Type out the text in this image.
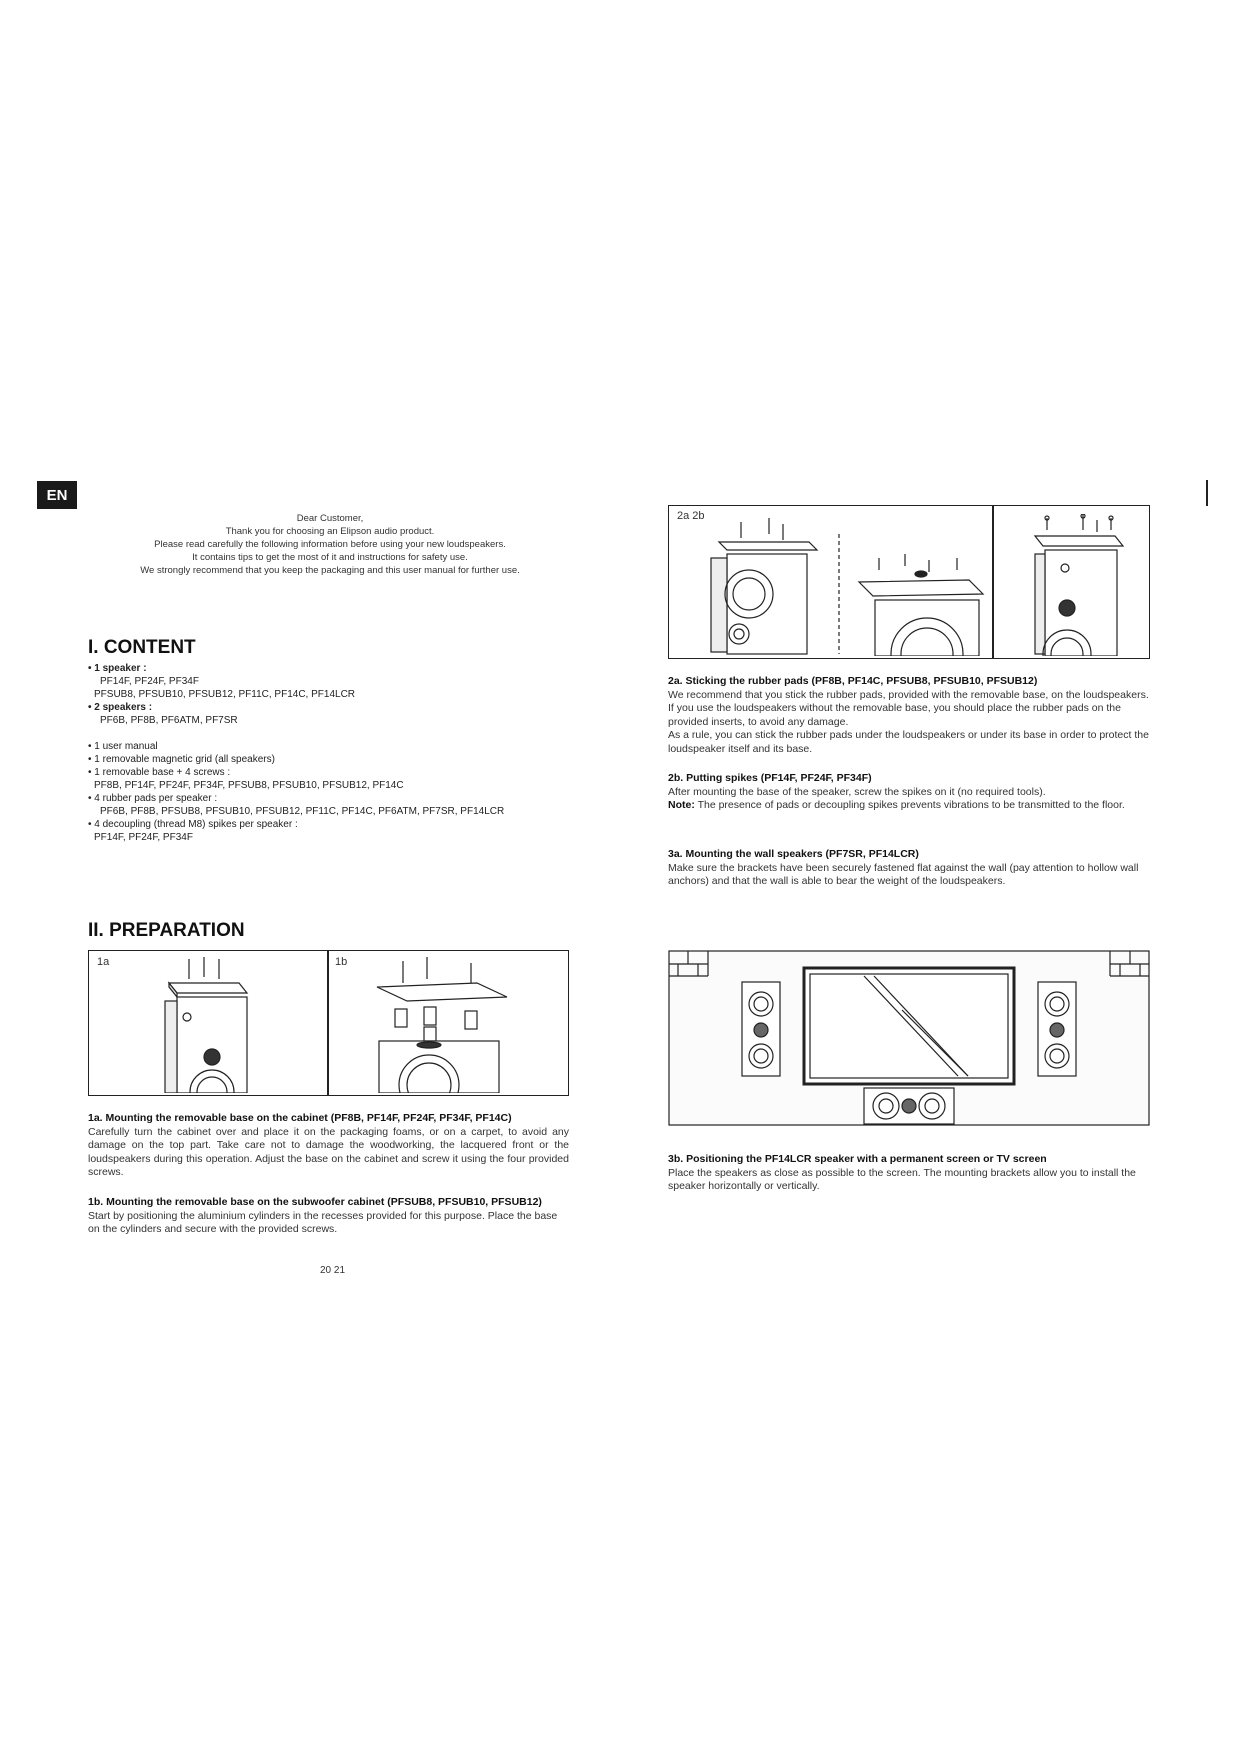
EN
Dear Customer,
Thank you for choosing an Elipson audio product.
Please read carefully the following information before using your new loudspeakers.
It contains tips to get the most of it and instructions for safety use.
We strongly recommend that you keep the packaging and this user manual for further use.
I. CONTENT
• 1 speaker :
PF14F, PF24F, PF34F
PFSUB8, PFSUB10, PFSUB12, PF11C, PF14C, PF14LCR
• 2 speakers :
PF6B, PF8B, PF6ATM, PF7SR
• 1 user manual
• 1 removable magnetic grid (all speakers)
• 1 removable base + 4 screws :
PF8B, PF14F, PF24F, PF34F, PFSUB8, PFSUB10, PFSUB12, PF14C
• 4 rubber pads per speaker :
PF6B, PF8B, PFSUB8, PFSUB10, PFSUB12, PF11C, PF14C, PF6ATM, PF7SR, PF14LCR
• 4 decoupling (thread M8) spikes per speaker :
PF14F, PF24F, PF34F
II. PREPARATION
1a	1b
1a. Mounting the removable base on the cabinet (PF8B, PF14F, PF24F, PF34F, PF14C)

Carefully turn the cabinet over and place it on the packaging foams, or on a carpet, to avoid any damage on the top part. Take care not to damage the woodworking, the lacquered front or the loudspeakers during this operation. Adjust the base on the cabinet and screw it using the four provided screws.

1b. Mounting the removable base on the subwoofer cabinet (PFSUB8, PFSUB10, PFSUB12)

Start by positioning the aluminium cylinders in the recesses provided for this purpose. Place the base on the cylinders and secure with the provided screws.

20 21
2a 2b
2a. Sticking the rubber pads (PF8B, PF14C, PFSUB8, PFSUB10, PFSUB12)

We recommend that you stick the rubber pads, provided with the removable base, on the loudspeakers. If you use the loudspeakers without the removable base, you should place the rubber pads on the provided inserts, to avoid any damage.

As a rule, you can stick the rubber pads under the loudspeakers or under its base in order to protect the loudspeaker itself and its base.

2b. Putting spikes (PF14F, PF24F, PF34F)

After mounting the base of the speaker, screw the spikes on it (no required tools).

Note: The presence of pads or decoupling spikes prevents vibrations to be transmitted to the floor.

3a. Mounting the wall speakers (PF7SR, PF14LCR)

Make sure the brackets have been securely fastened flat against the wall (pay attention to hollow wall anchors) and that the wall is able to bear the weight of the loudspeakers.

3b. Positioning the PF14LCR speaker with a permanent screen or TV screen

Place the speakers as close as possible to the screen. The mounting brackets allow you to install the speaker horizontally or vertically.
